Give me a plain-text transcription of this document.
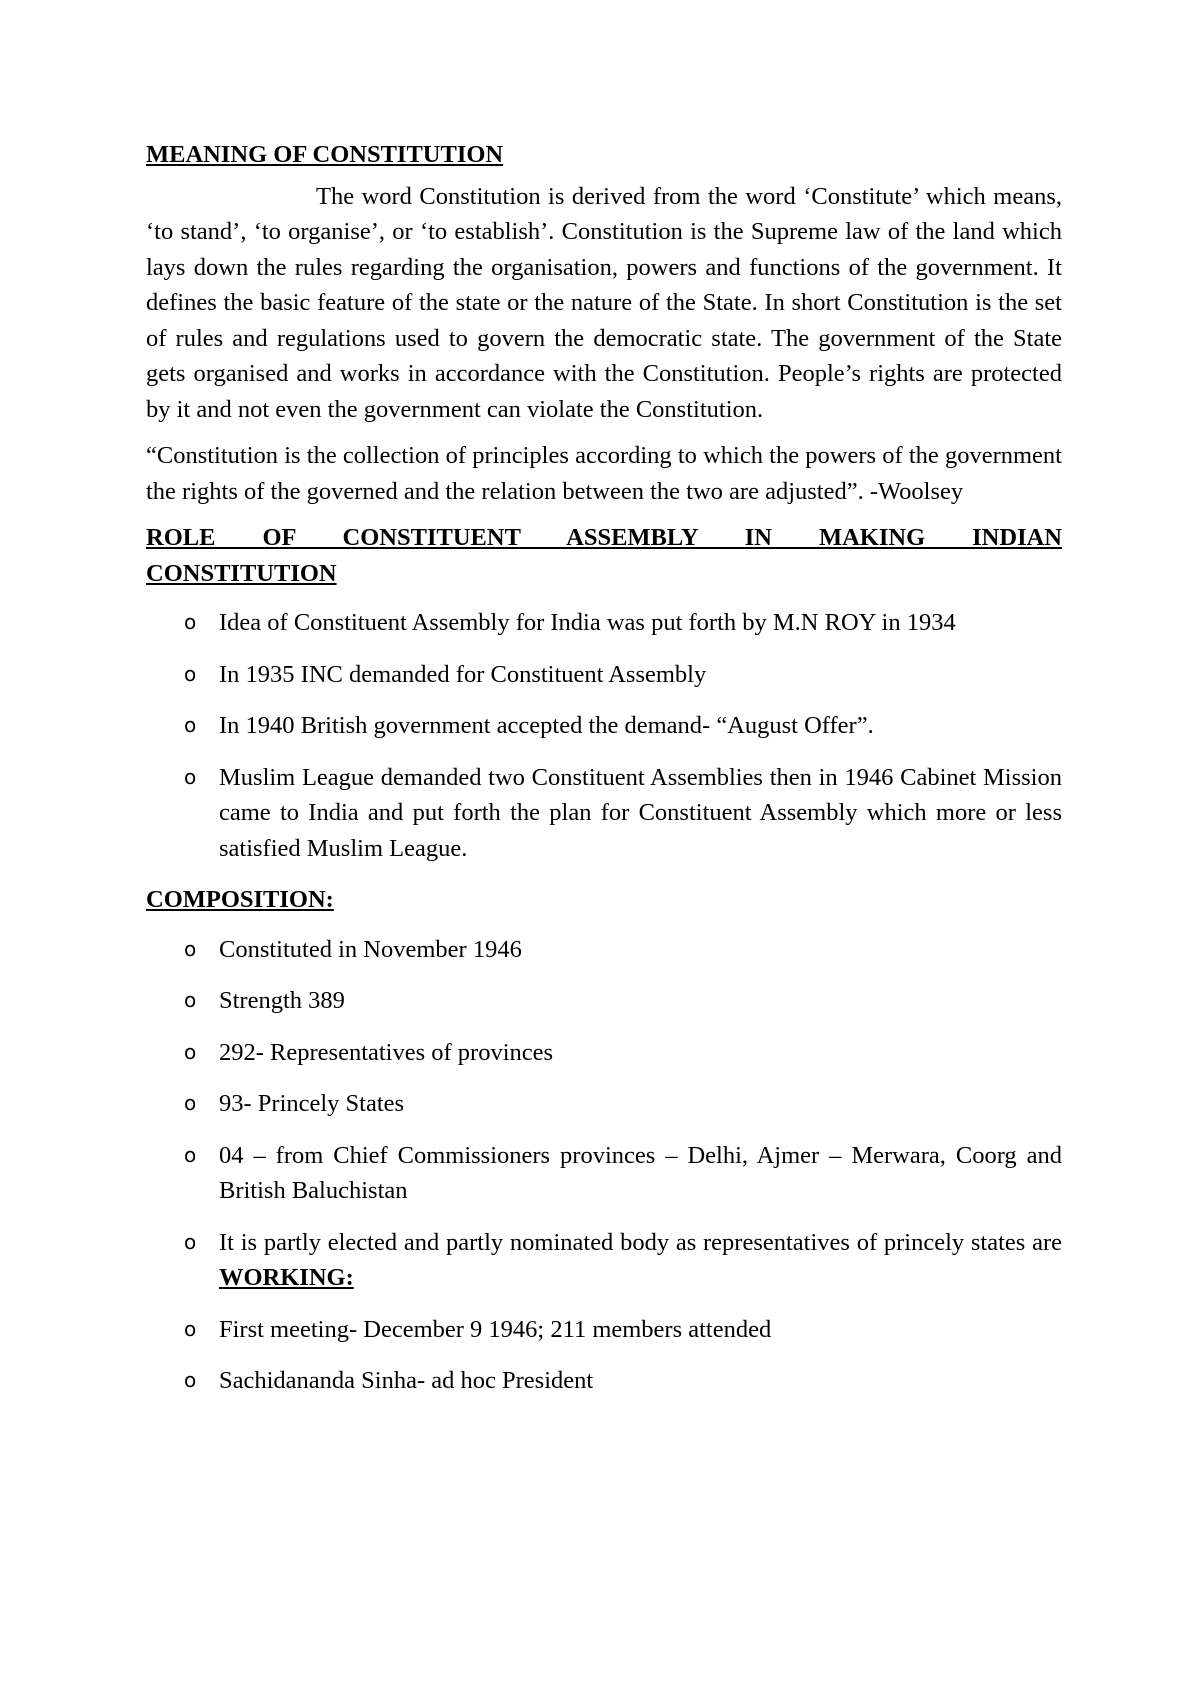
MEANING OF CONSTITUTION

The word Constitution is derived from the word ‘Constitute’ which means, ‘to stand’, ‘to organise’, or ‘to establish’. Constitution is the Supreme law of the land which lays down the rules regarding the organisation, powers and functions of the government. It defines the basic feature of the state or the nature of the State. In short Constitution is the set of rules and regulations used to govern the democratic state. The government of the State gets organised and works in accordance with the Constitution. People’s rights are protected by it and not even the government can violate the Constitution.

“Constitution is the collection of principles according to which the powers of the government the rights of the governed and the relation between the two are adjusted”. -Woolsey

ROLE OF CONSTITUENT ASSEMBLY IN MAKING INDIAN
CONSTITUTION
o Idea of Constituent Assembly for India was put forth by M.N ROY in 1934
o In 1935 INC demanded for Constituent Assembly
o In 1940 British government accepted the demand- “August Offer”.
o Muslim League demanded two Constituent Assemblies then in 1946 Cabinet Mission came to India and put forth the plan for Constituent Assembly which more or less satisfied Muslim League.
COMPOSITION:
o Constituted in November 1946
o Strength 389
o 292- Representatives of provinces
o 93- Princely States
o 04 – from Chief Commissioners provinces – Delhi, Ajmer – Merwara, Coorg and British Baluchistan
o It is partly elected and partly nominated body as representatives of princely states are WORKING:
o First meeting- December 9 1946; 211 members attended
o Sachidananda Sinha- ad hoc President
